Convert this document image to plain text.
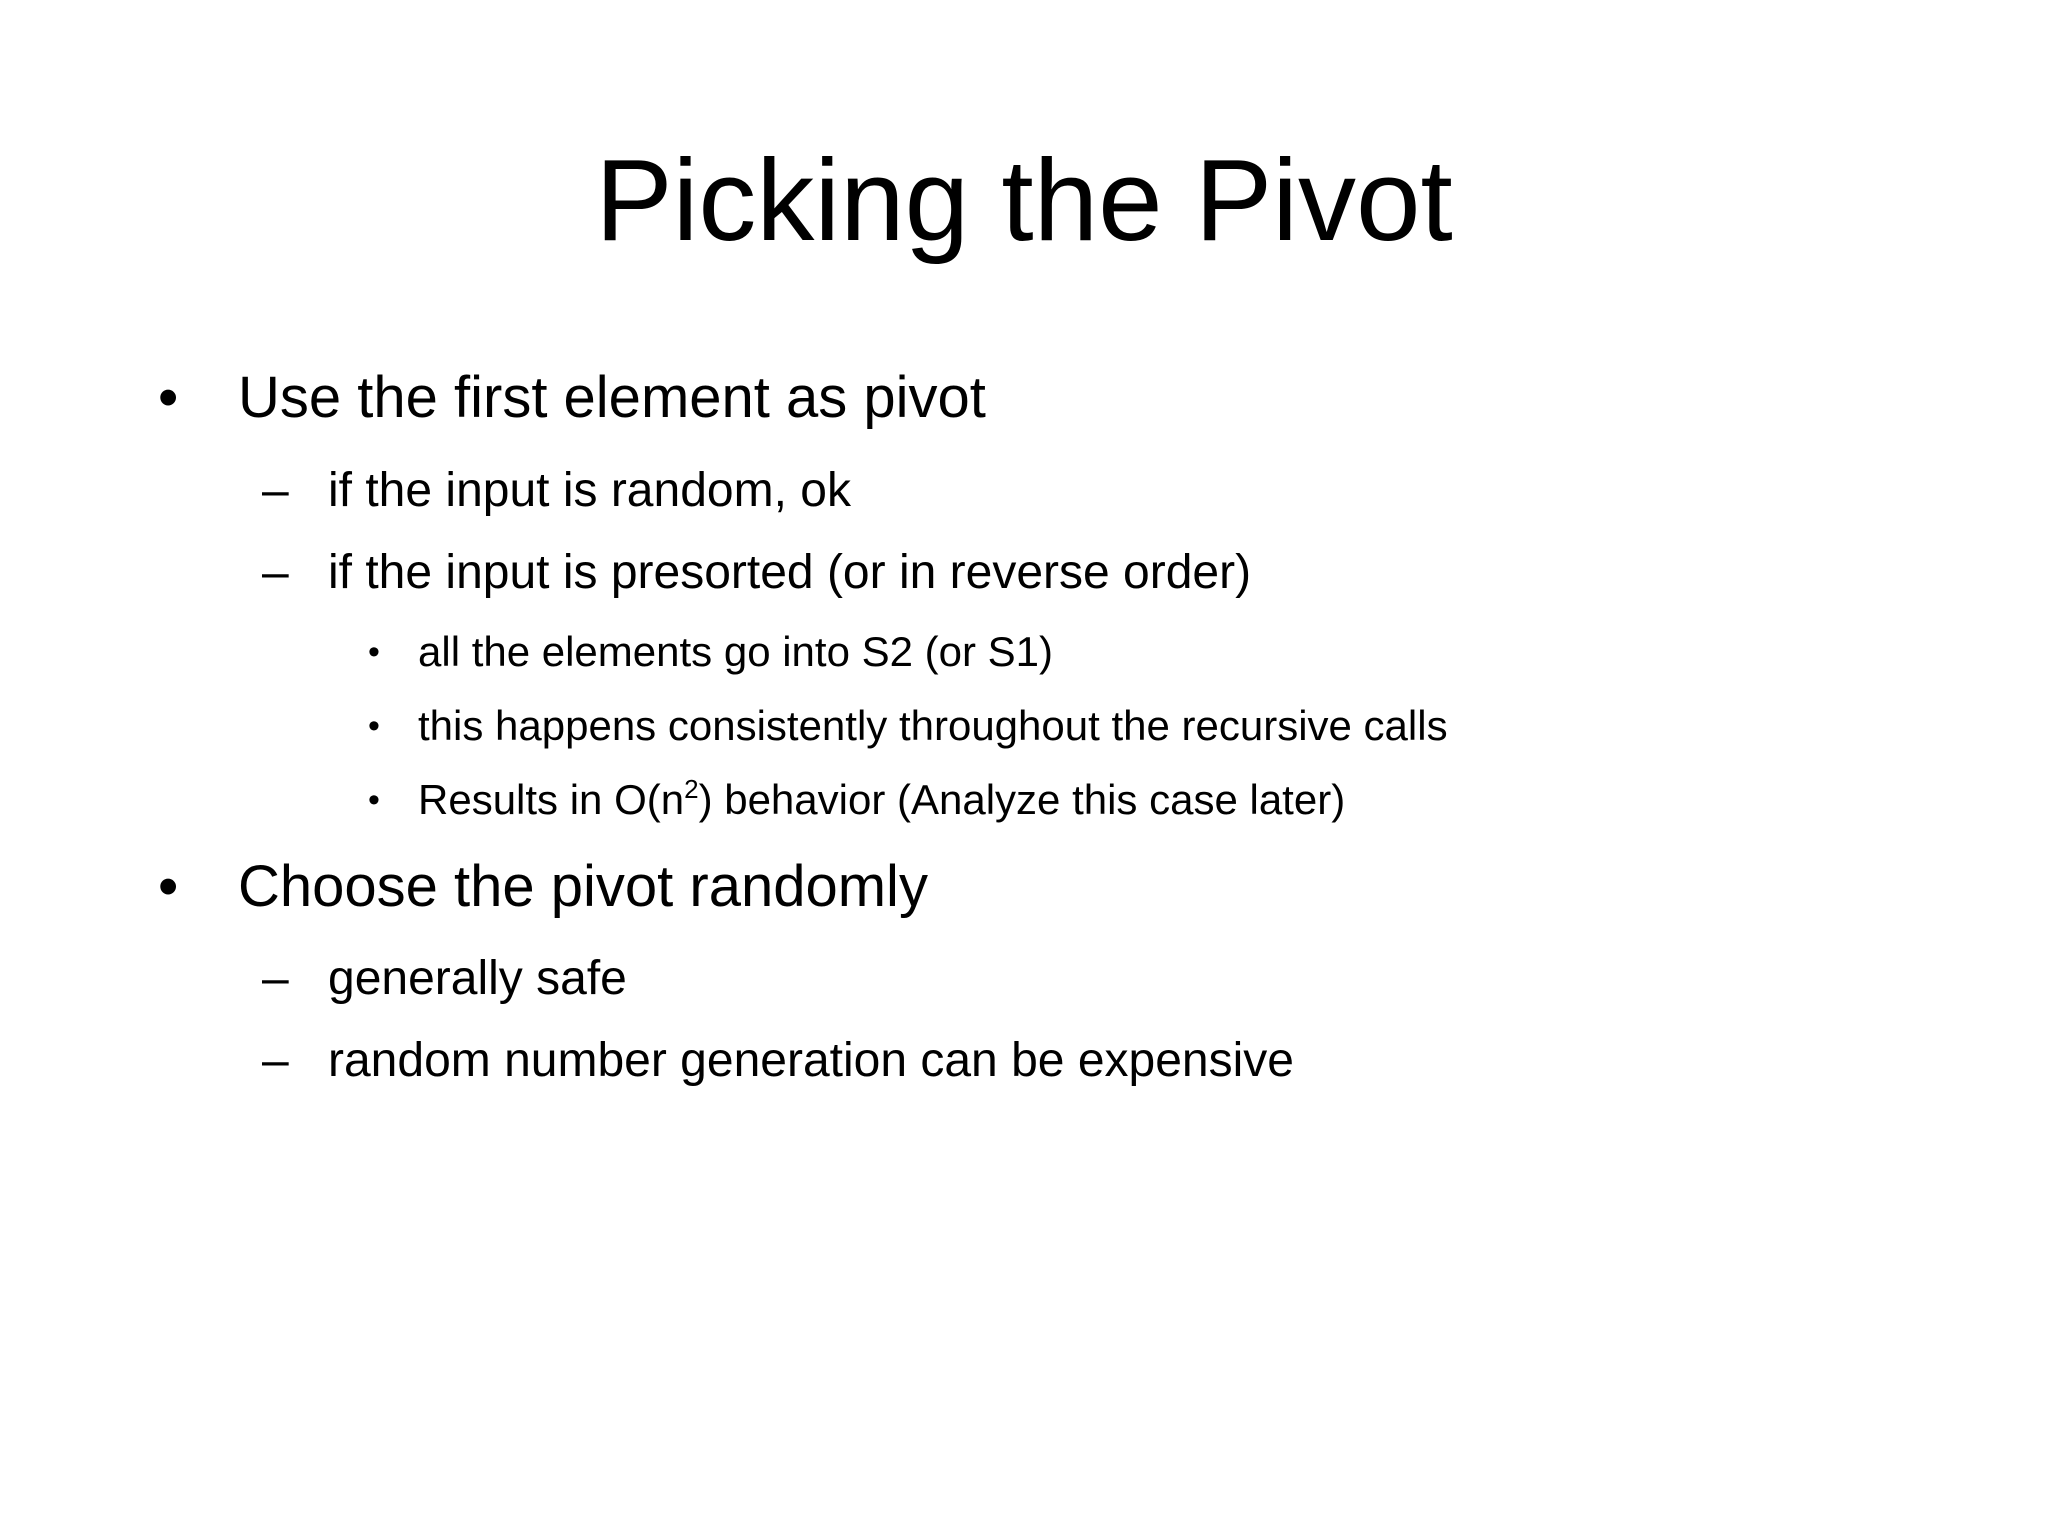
Picking the Pivot
• Use the first element as pivot
– if the input is random, ok
– if the input is presorted (or in reverse order)
• all the elements go into S2 (or S1)
• this happens consistently throughout the recursive calls
• Results in $O(n^2)$ behavior (Analyze this case later)
• Choose the pivot randomly
– generally safe
– random number generation can be expensive
